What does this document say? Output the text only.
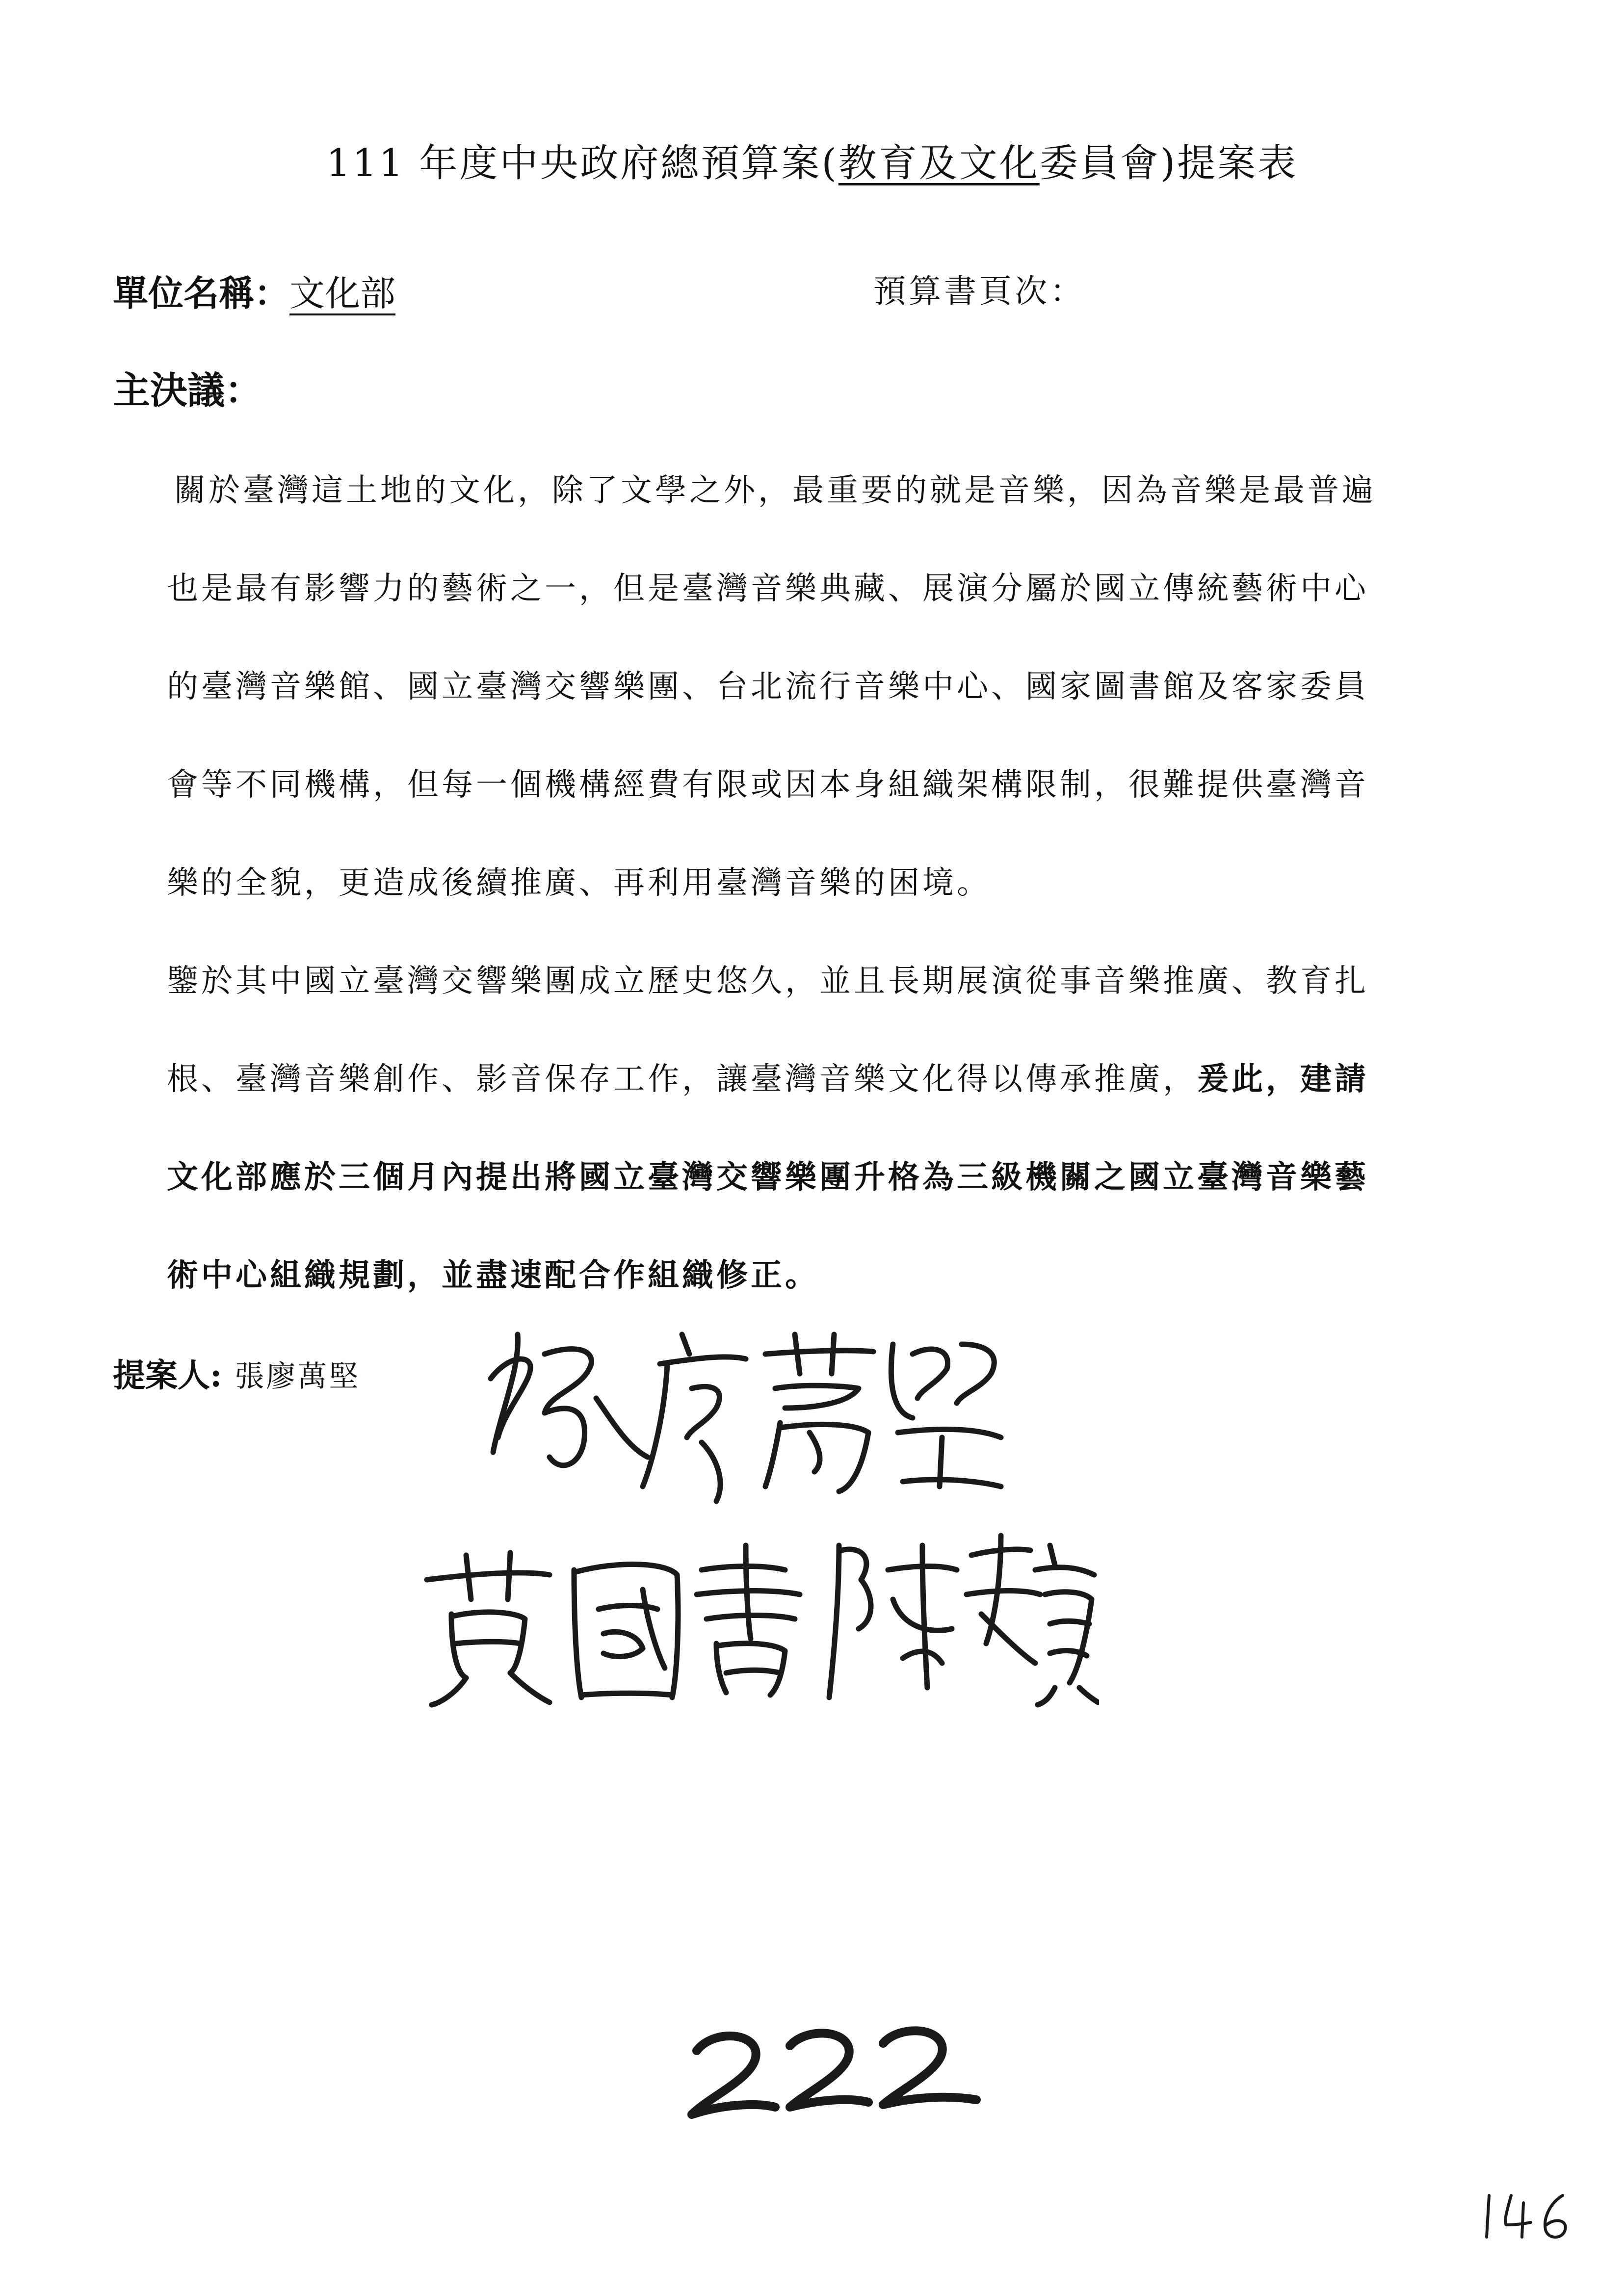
111 年度中央政府總預算案(教育及文化委員會)提案表
單位名稱：文化部	預算書頁次：
主決議：
關於臺灣這土地的文化，除了文學之外，最重要的就是音樂，因為音樂是最普遍
也是最有影響力的藝術之一，但是臺灣音樂典藏、展演分屬於國立傳統藝術中心
的臺灣音樂館、國立臺灣交響樂團、台北流行音樂中心、國家圖書館及客家委員
會等不同機構，但每一個機構經費有限或因本身組織架構限制，很難提供臺灣音
樂的全貌，更造成後續推廣、再利用臺灣音樂的困境。
鑒於其中國立臺灣交響樂團成立歷史悠久，並且長期展演從事音樂推廣、教育扎
根、臺灣音樂創作、影音保存工作，讓臺灣音樂文化得以傳承推廣，爰此，建請
文化部應於三個月內提出將國立臺灣交響樂團升格為三級機關之國立臺灣音樂藝
術中心組織規劃，並盡速配合作組織修正。
提案人: 張廖萬堅
